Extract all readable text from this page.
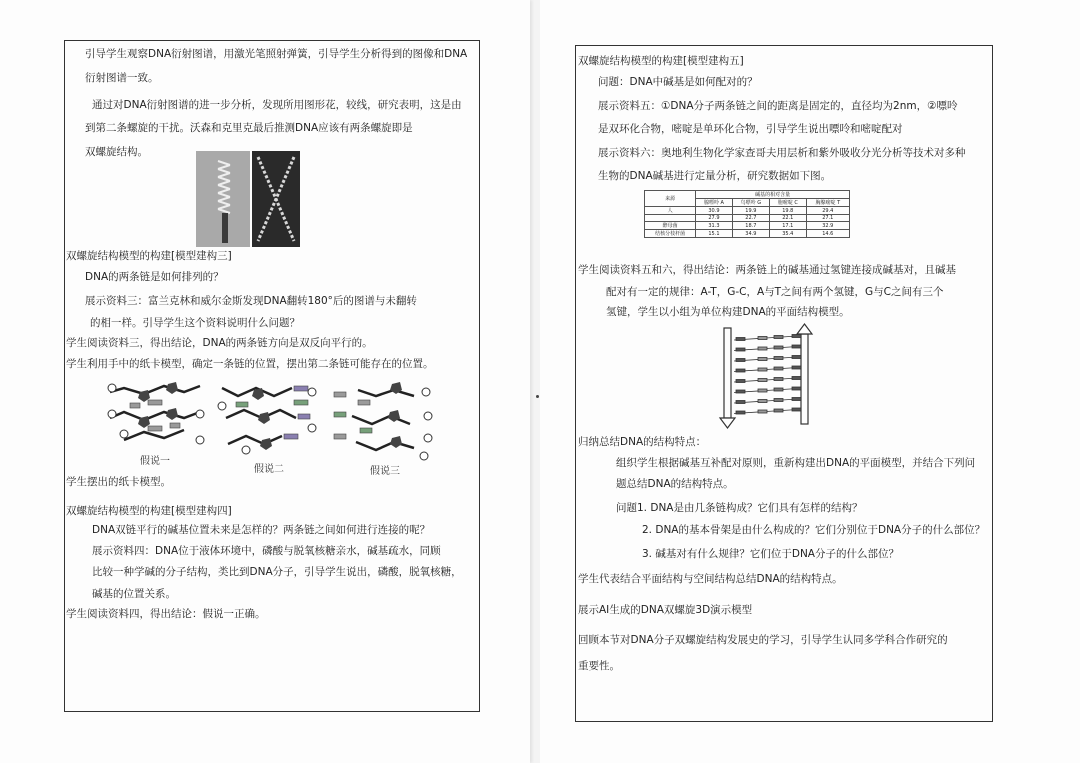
引导学生观察DNA衍射图谱，用激光笔照射弹簧，引导学生分析得到的图像和DNA
衍射图谱一致。
通过对DNA衍射图谱的进一步分析，发现所用图形花，较线，研究表明，这是由
到第二条螺旋的干扰。沃森和克里克最后推测DNA应该有两条螺旋即是
双螺旋结构。
双螺旋结构模型的构建[模型建构三]
DNA的两条链是如何排列的？
展示资料三：富兰克林和威尔金斯发现DNA翻转180°后的图谱与未翻转
的相一样。引导学生这个资料说明什么问题？
学生阅读资料三，得出结论，DNA的两条链方向是双反向平行的。
学生利用手中的纸卡模型，确定一条链的位置，摆出第二条链可能存在的位置。
假说一
假说二	假说三
学生摆出的纸卡模型。
双螺旋结构模型的构建[模型建构四]
DNA双链平行的碱基位置未来是怎样的？两条链之间如何进行连接的呢？
展示资料四：DNA位于液体环境中，磷酸与脱氧核糖亲水，碱基疏水，同顾
比较一种学碱的分子结构，类比到DNA分子，引导学生说出，磷酸，脱氧核糖，
碱基的位置关系。
学生阅读资料四，得出结论：假说一正确。
双螺旋结构模型的构建[模型建构五]
问题：DNA中碱基是如何配对的？
展示资料五：①DNA分子两条链之间的距离是固定的，直径均为2nm，②嘌呤
是双环化合物，嘧啶是单环化合物，引导学生说出嘌呤和嘧啶配对
展示资料六：奥地利生物化学家查哥夫用层析和紫外吸收分光分析等技术对多种
生物的DNA碱基进行定量分析，研究数据如下图。
来源	碱基的相对含量			
	腺嘌呤 A	鸟嘌呤 G	胞嘧啶 C	胸腺嘧啶 T
人	30.9	19.9	19.8	29.4
	27.9	22.7	22.1	27.1
酵母菌	31.3	18.7	17.1	32.9
结核分枝杆菌	15.1	34.9	35.4	14.6
学生阅读资料五和六，得出结论：两条链上的碱基通过氢键连接成碱基对，且碱基
配对有一定的规律：A-T，G-C，A与T之间有两个氢键，G与C之间有三个
氢键，学生以小组为单位构建DNA的平面结构模型。
归纳总结DNA的结构特点：
组织学生根据碱基互补配对原则，重新构建出DNA的平面模型，并结合下列问
题总结DNA的结构特点。
问题1. DNA是由几条链构成？它们具有怎样的结构？
2. DNA的基本骨架是由什么构成的？它们分别位于DNA分子的什么部位？
3. 碱基对有什么规律？它们位于DNA分子的什么部位？
学生代表结合平面结构与空间结构总结DNA的结构特点。
展示AI生成的DNA双螺旋3D演示模型
回顾本节对DNA分子双螺旋结构发展史的学习，引导学生认同多学科合作研究的
重要性。
